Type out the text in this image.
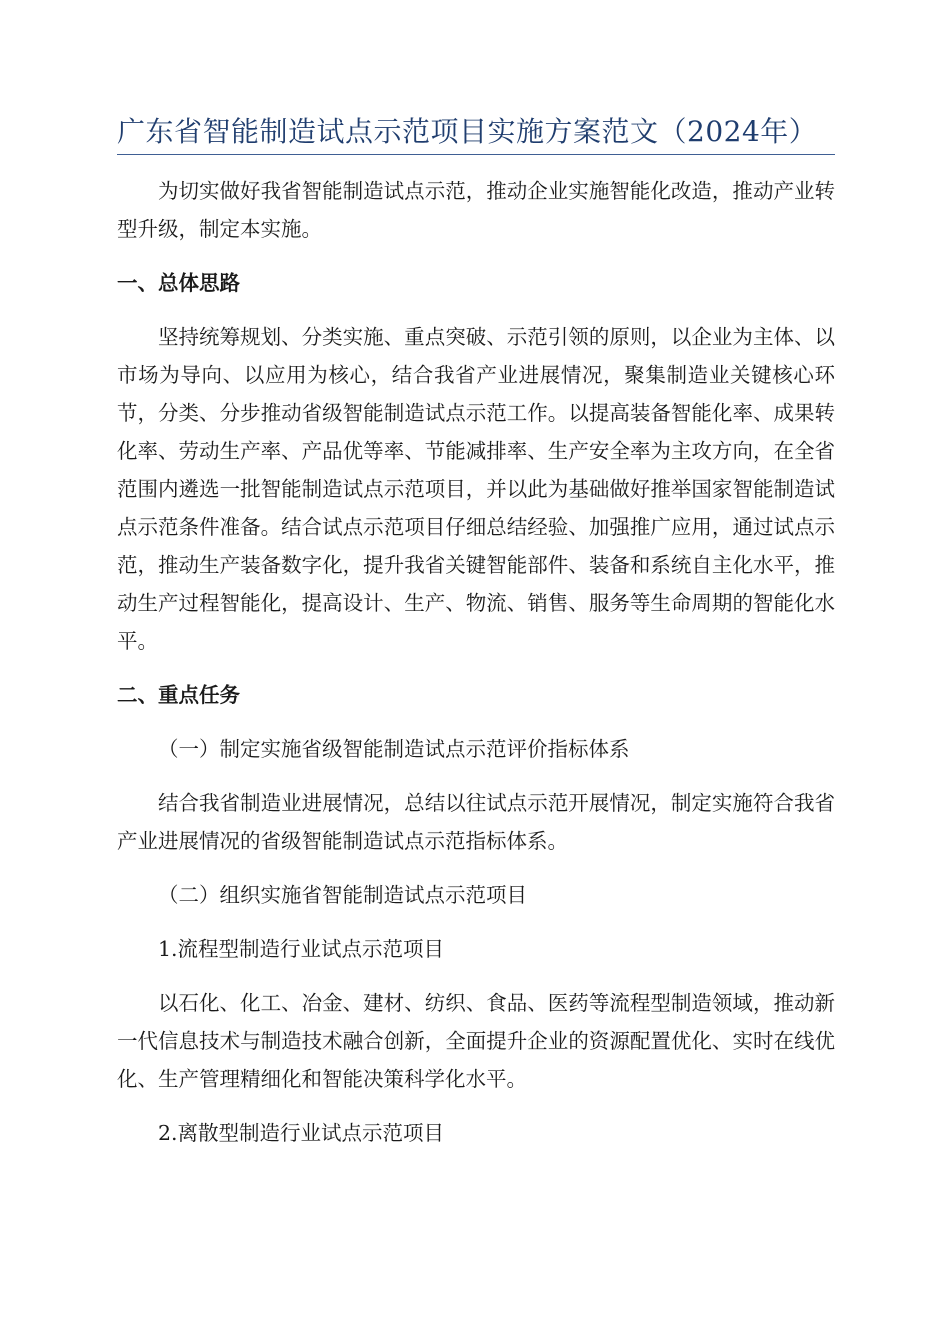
广东省智能制造试点示范项目实施方案范文（2024年）

为切实做好我省智能制造试点示范，推动企业实施智能化改造，推动产业转型升级，制定本实施。

一、总体思路

坚持统筹规划、分类实施、重点突破、示范引领的原则，以企业为主体、以市场为导向、以应用为核心，结合我省产业进展情况，聚集制造业关键核心环节，分类、分步推动省级智能制造试点示范工作。以提高装备智能化率、成果转化率、劳动生产率、产品优等率、节能减排率、生产安全率为主攻方向，在全省范围内遴选一批智能制造试点示范项目，并以此为基础做好推举国家智能制造试点示范条件准备。结合试点示范项目仔细总结经验、加强推广应用，通过试点示范，推动生产装备数字化，提升我省关键智能部件、装备和系统自主化水平，推动生产过程智能化，提高设计、生产、物流、销售、服务等生命周期的智能化水平。

二、重点任务

（一）制定实施省级智能制造试点示范评价指标体系

结合我省制造业进展情况，总结以往试点示范开展情况，制定实施符合我省产业进展情况的省级智能制造试点示范指标体系。

（二）组织实施省智能制造试点示范项目

1.流程型制造行业试点示范项目

以石化、化工、冶金、建材、纺织、食品、医药等流程型制造领域，推动新一代信息技术与制造技术融合创新，全面提升企业的资源配置优化、实时在线优化、生产管理精细化和智能决策科学化水平。

2.离散型制造行业试点示范项目
